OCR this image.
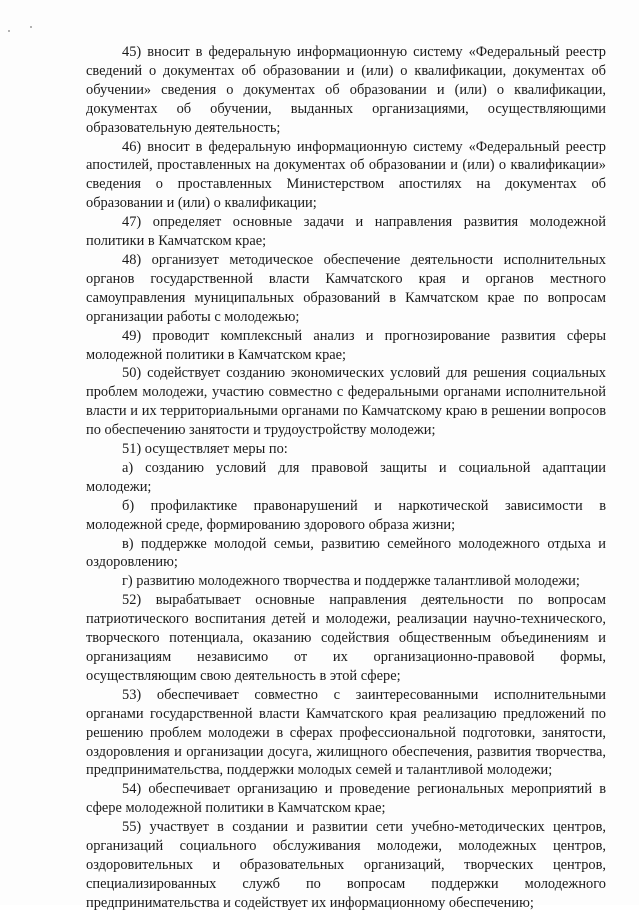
45) вносит в федеральную информационную систему «Федеральный реестр сведений о документах об образовании и (или) о квалификации, документах об обучении» сведения о документах об образовании и (или) о квалификации, документах об обучении, выданных организациями, осуществляющими образовательную деятельность;

46) вносит в федеральную информационную систему «Федеральный реестр апостилей, проставленных на документах об образовании и (или) о квалификации» сведения о проставленных Министерством апостилях на документах об образовании и (или) о квалификации;

47) определяет основные задачи и направления развития молодежной политики в Камчатском крае;

48) организует методическое обеспечение деятельности исполнительных органов государственной власти Камчатского края и органов местного самоуправления муниципальных образований в Камчатском крае по вопросам организации работы с молодежью;

49) проводит комплексный анализ и прогнозирование развития сферы молодежной политики в Камчатском крае;

50) содействует созданию экономических условий для решения социальных проблем молодежи, участию совместно с федеральными органами исполнительной власти и их территориальными органами по Камчатскому краю в решении вопросов по обеспечению занятости и трудоустройству молодежи;

51) осуществляет меры по:

а) созданию условий для правовой защиты и социальной адаптации молодежи;

б) профилактике правонарушений и наркотической зависимости в молодежной среде, формированию здорового образа жизни;

в) поддержке молодой семьи, развитию семейного молодежного отдыха и оздоровлению;

г) развитию молодежного творчества и поддержке талантливой молодежи;

52) вырабатывает основные направления деятельности по вопросам патриотического воспитания детей и молодежи, реализации научно-технического, творческого потенциала, оказанию содействия общественным объединениям и организациям независимо от их организационно-правовой формы, осуществляющим свою деятельность в этой сфере;

53) обеспечивает совместно с заинтересованными исполнительными органами государственной власти Камчатского края реализацию предложений по решению проблем молодежи в сферах профессиональной подготовки, занятости, оздоровления и организации досуга, жилищного обеспечения, развития творчества, предпринимательства, поддержки молодых семей и талантливой молодежи;

54) обеспечивает организацию и проведение региональных мероприятий в сфере молодежной политики в Камчатском крае;

55) участвует в создании и развитии сети учебно-методических центров, организаций социального обслуживания молодежи, молодежных центров, оздоровительных и образовательных организаций, творческих центров, специализированных служб по вопросам поддержки молодежного предпринимательства и содействует их информационному обеспечению;
